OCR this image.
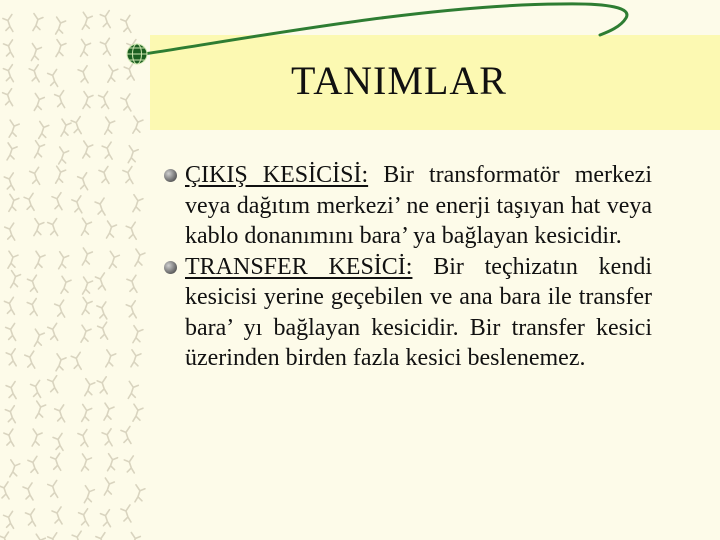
TANIMLAR
ÇIKIŞ KESİCİSİ: Bir transformatör merkezi veya dağıtım merkezi’ ne enerji taşıyan hat veya kablo donanımını bara’ ya bağlayan kesicidir.
TRANSFER KESİCİ: Bir teçhizatın kendi kesicisi yerine geçebilen ve ana bara ile transfer bara’ yı bağlayan kesicidir. Bir transfer kesici üzerinden birden fazla kesici beslenemez.
